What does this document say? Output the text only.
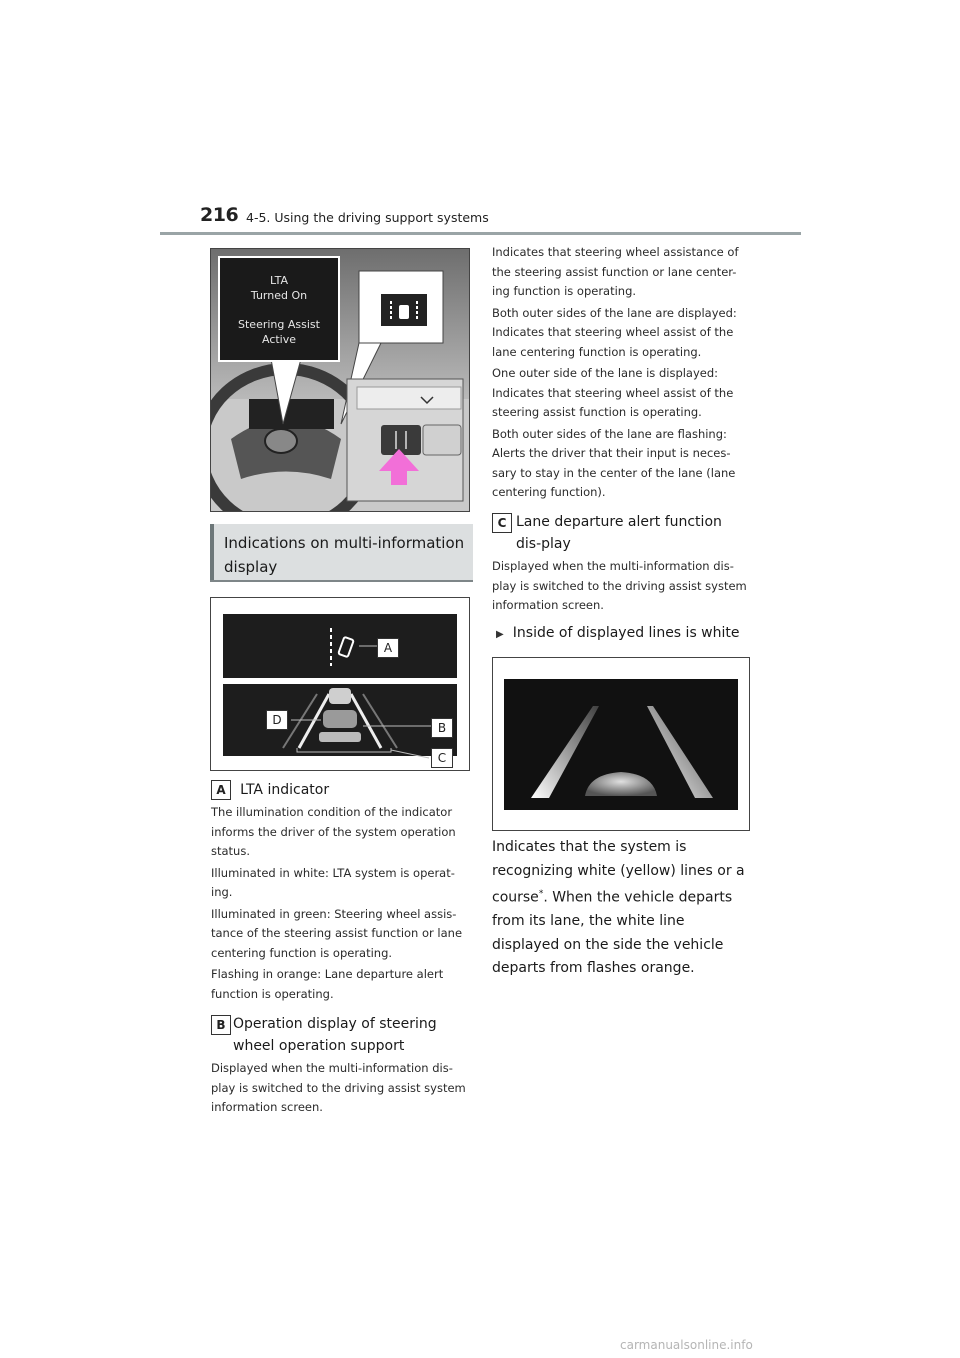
216 4-5. Using the driving support systems
LTA
Turned On
Steering Assist
Active
Indications on multi-information display
A
B
C
D
A LTA indicator

The illumination condition of the indicator informs the driver of the system operation status.

Illuminated in white: LTA system is operat-ing.

Illuminated in green: Steering wheel assis-tance of the steering assist function or lane centering function is operating.

Flashing in orange: Lane departure alert function is operating.

B Operation display of steering wheel operation support

Displayed when the multi-information dis-play is switched to the driving assist system information screen.

Indicates that steering wheel assistance of the steering assist function or lane center-ing function is operating.

Both outer sides of the lane are displayed: Indicates that steering wheel assist of the lane centering function is operating.

One outer side of the lane is displayed: Indicates that steering wheel assist of the steering assist function is operating.

Both outer sides of the lane are flashing: Alerts the driver that their input is neces-sary to stay in the center of the lane (lane centering function).

C Lane departure alert function dis-play

Displayed when the multi-information dis-play is switched to the driving assist system information screen.

▶ Inside of displayed lines is white

Indicates that the system is recognizing white (yellow) lines or a course*. When the vehicle departs from its lane, the white line displayed on the side the vehicle departs from flashes orange.

carmanualsonline.info
